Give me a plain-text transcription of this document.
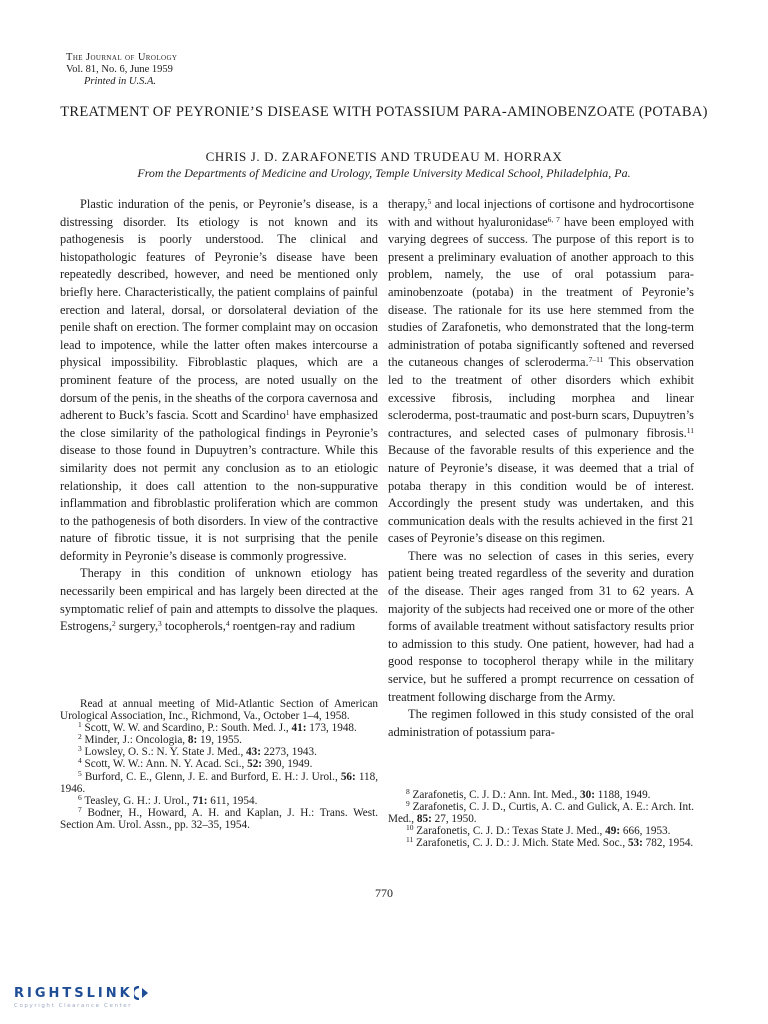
The Journal of Urology
Vol. 81, No. 6, June 1959
Printed in U.S.A.
TREATMENT OF PEYRONIE’S DISEASE WITH POTASSIUM PARA-AMINOBENZOATE (POTABA)
CHRIS J. D. ZARAFONETIS AND TRUDEAU M. HORRAX
From the Departments of Medicine and Urology, Temple University Medical School, Philadelphia, Pa.

Plastic induration of the penis, or Peyronie’s disease, is a distressing disorder. Its etiology is not known and its pathogenesis is poorly understood. The clinical and histopathologic features of Peyronie’s disease have been repeatedly described, however, and need be mentioned only briefly here. Characteristically, the patient complains of painful erection and lateral, dorsal, or dorsolateral deviation of the penile shaft on erection. The former complaint may on occasion lead to impotence, while the latter often makes intercourse a physical impossibility. Fibroblastic plaques, which are a prominent feature of the process, are noted usually on the dorsum of the penis, in the sheaths of the corpora cavernosa and adherent to Buck’s fascia. Scott and Scardino$^1$ have emphasized the close similarity of the pathological findings in Peyronie’s disease to those found in Dupuytren’s contracture. While this similarity does not permit any conclusion as to an etiologic relationship, it does call attention to the non-suppurative inflammation and fibroblastic proliferation which are common to the pathogenesis of both disorders. In view of the contractive nature of fibrotic tissue, it is not surprising that the penile deformity in Peyronie’s disease is commonly progressive.

Therapy in this condition of unknown etiology has necessarily been empirical and has largely been directed at the symptomatic relief of pain and attempts to dissolve the plaques. Estrogens,$^2$ surgery,$^3$ tocopherols,$^4$ roentgen-ray and radium

therapy,$^5$ and local injections of cortisone and hydrocortisone with and without hyaluronidase$^{6, 7}$ have been employed with varying degrees of success. The purpose of this report is to present a preliminary evaluation of another approach to this problem, namely, the use of oral potassium para-aminobenzoate (potaba) in the treatment of Peyronie’s disease. The rationale for its use here stemmed from the studies of Zarafonetis, who demonstrated that the long-term administration of potaba significantly softened and reversed the cutaneous changes of scleroderma.$^{7-11}$ This observation led to the treatment of other disorders which exhibit excessive fibrosis, including morphea and linear scleroderma, post-traumatic and post-burn scars, Dupuytren’s contractures, and selected cases of pulmonary fibrosis.$^{11}$ Because of the favorable results of this experience and the nature of Peyronie’s disease, it was deemed that a trial of potaba therapy in this condition would be of interest. Accordingly the present study was undertaken, and this communication deals with the results achieved in the first 21 cases of Peyronie’s disease on this regimen.

There was no selection of cases in this series, every patient being treated regardless of the severity and duration of the disease. Their ages ranged from 31 to 62 years. A majority of the subjects had received one or more of the other forms of available treatment without satisfactory results prior to admission to this study. One patient, however, had had a good response to tocopherol therapy while in the military service, but he suffered a prompt recurrence on cessation of treatment following discharge from the Army.

The regimen followed in this study consisted of the oral administration of potassium para-

Read at annual meeting of Mid-Atlantic Section of American Urological Association, Inc., Richmond, Va., October 1–4, 1958.

$^1$ Scott, W. W. and Scardino, P.: South. Med. J., 41: 173, 1948.

$^2$ Minder, J.: Oncologia, 8: 19, 1955.

$^3$ Lowsley, O. S.: N. Y. State J. Med., 43: 2273, 1943.

$^4$ Scott, W. W.: Ann. N. Y. Acad. Sci., 52: 390, 1949.

$^5$ Burford, C. E., Glenn, J. E. and Burford, E. H.: J. Urol., 56: 118, 1946.

$^6$ Teasley, G. H.: J. Urol., 71: 611, 1954.

$^7$ Bodner, H., Howard, A. H. and Kaplan, J. H.: Trans. West. Section Am. Urol. Assn., pp. 32–35, 1954.

$^8$ Zarafonetis, C. J. D.: Ann. Int. Med., 30: 1188, 1949.

$^9$ Zarafonetis, C. J. D., Curtis, A. C. and Gulick, A. E.: Arch. Int. Med., 85: 27, 1950.

$^{10}$ Zarafonetis, C. J. D.: Texas State J. Med., 49: 666, 1953.

$^{11}$ Zarafonetis, C. J. D.: J. Mich. State Med. Soc., 53: 782, 1954.

770
RIGHTSLINK
Copyright Clearance Center
